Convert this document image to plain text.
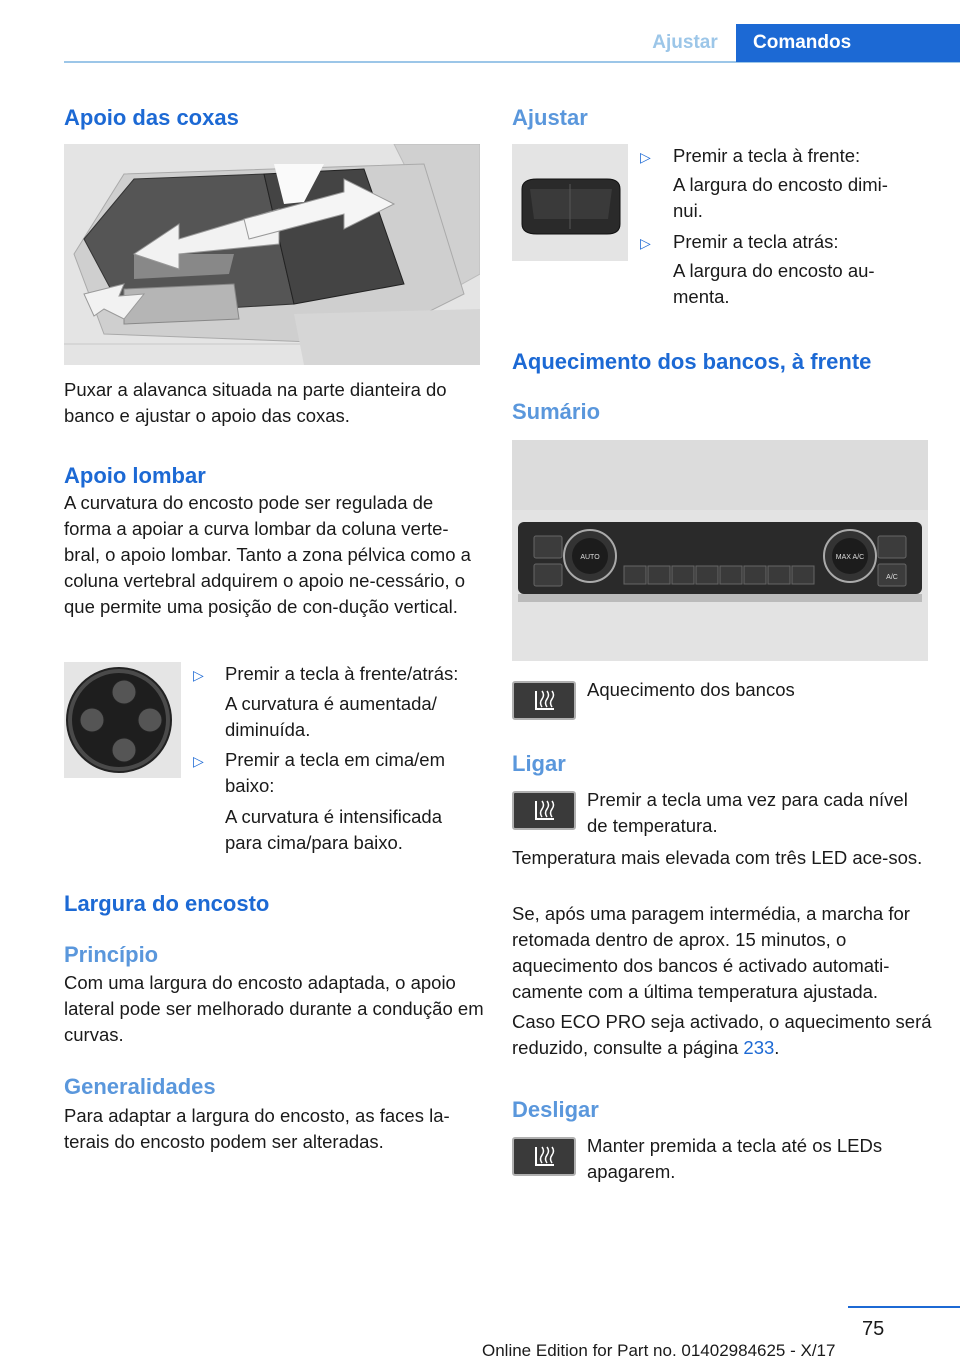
Ajustar	Comandos
Apoio das coxas
Puxar a alavanca situada na parte dianteira do banco e ajustar o apoio das coxas.
Apoio lombar
A curvatura do encosto pode ser regulada de forma a apoiar a curva lombar da coluna verte-bral, o apoio lombar. Tanto a zona pélvica como a coluna vertebral adquirem o apoio ne-cessário, o que permite uma posição de con-dução vertical.
▷ Premir a tecla à frente/atrás:
A curvatura é aumentada/ diminuída.
▷ Premir a tecla em cima/em baixo:
A curvatura é intensificada para cima/para baixo.
Largura do encosto
Princípio
Com uma largura do encosto adaptada, o apoio lateral pode ser melhorado durante a condução em curvas.
Generalidades
Para adaptar a largura do encosto, as faces la-terais do encosto podem ser alteradas.
Ajustar
▷ Premir a tecla à frente:
A largura do encosto dimi-nui.
▷ Premir a tecla atrás:
A largura do encosto au-menta.
Aquecimento dos bancos, à frente
Sumário
AUTO	MAX A/C
A/C
Aquecimento dos bancos
Ligar
Premir a tecla uma vez para cada nível de temperatura.
Temperatura mais elevada com três LED ace-sos.
Se, após uma paragem intermédia, a marcha for retomada dentro de aprox. 15 minutos, o aquecimento dos bancos é activado automati-camente com a última temperatura ajustada.
Caso ECO PRO seja activado, o aquecimento será reduzido, consulte a página 233.
Desligar
Manter premida a tecla até os LEDs apagarem.
75
Online Edition for Part no. 01402984625 - X/17
